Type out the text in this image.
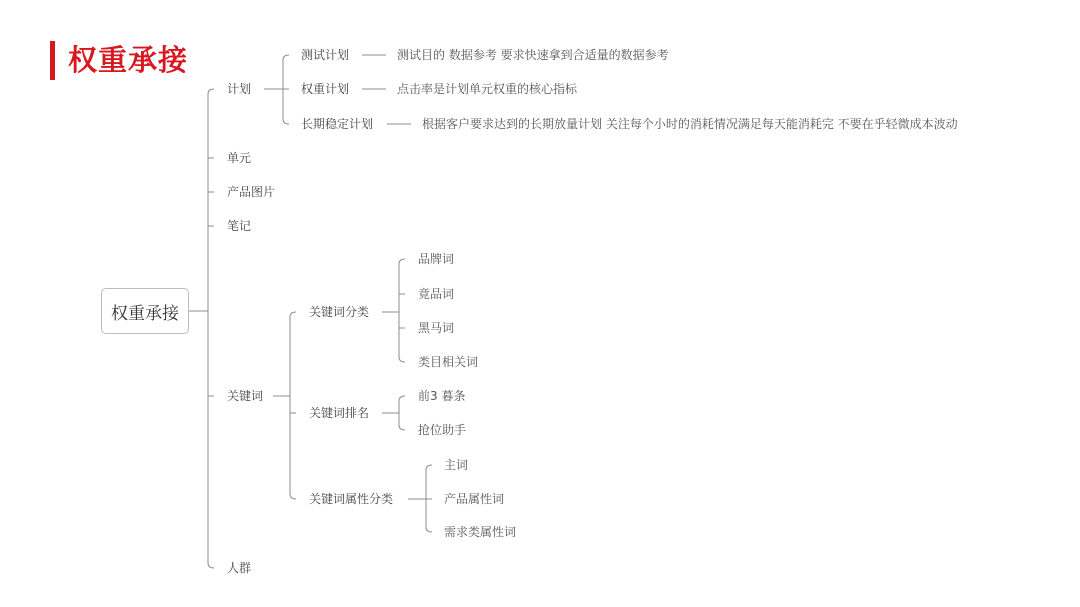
权重承接
权重承接
计划
单元
产品图片
笔记
关键词
人群
测试计划
权重计划
长期稳定计划
测试目的 数据参考 要求快速拿到合适量的数据参考
点击率是计划单元权重的核心指标
根据客户要求达到的长期放量计划 关注每个小时的消耗情况满足每天能消耗完 不要在乎轻微成本波动
关键词分类
关键词排名
关键词属性分类
品牌词
竟品词
黑马词
类目相关词
前3 暮条
抢位助手
主词
产品属性词
需求类属性词
